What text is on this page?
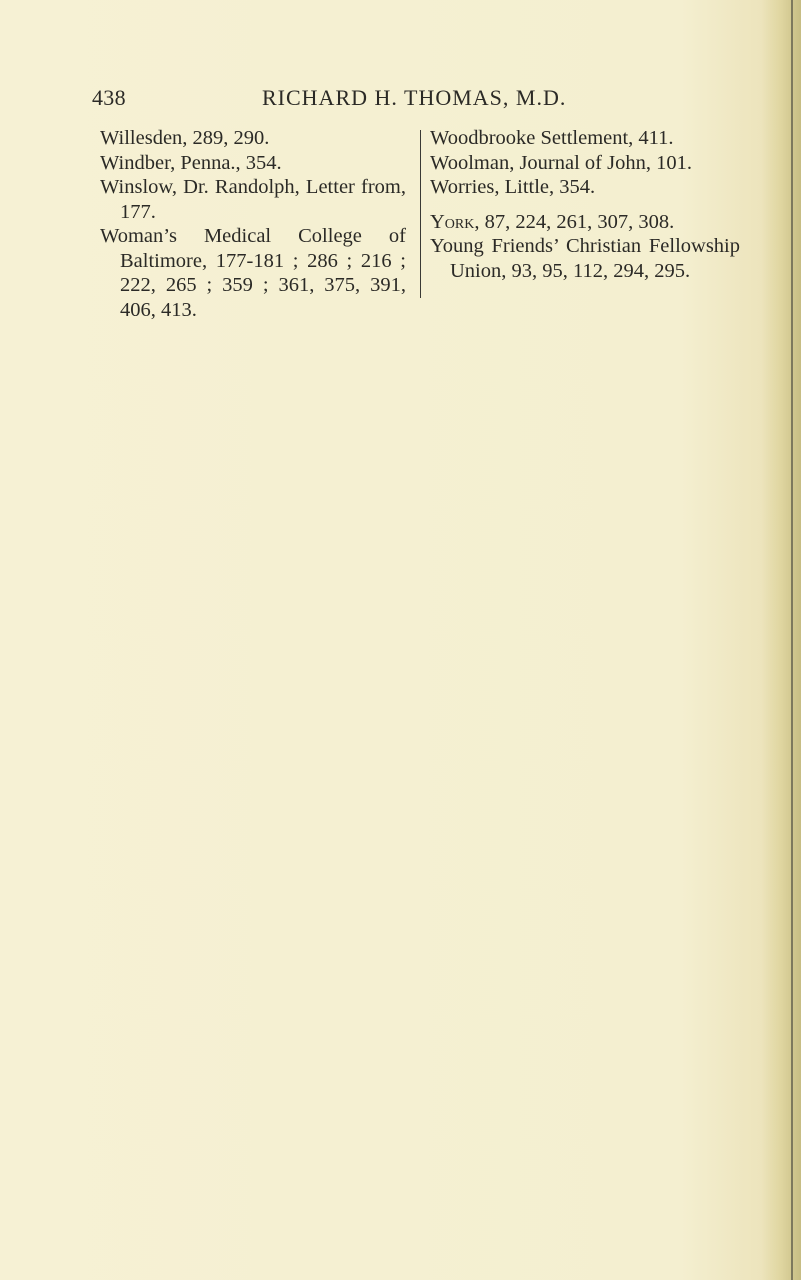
438	RICHARD H. THOMAS, M.D.
Willesden, 289, 290.
Windber, Penna., 354.
Winslow, Dr. Randolph, Letter from, 177.
Woman’s Medical College of Baltimore, 177-181 ; 286 ; 216 ; 222, 265 ; 359 ; 361, 375, 391, 406, 413.
Woodbrooke Settlement, 411.
Woolman, Journal of John, 101.
Worries, Little, 354.
York, 87, 224, 261, 307, 308.
Young Friends’ Christian Fellowship Union, 93, 95, 112, 294, 295.
